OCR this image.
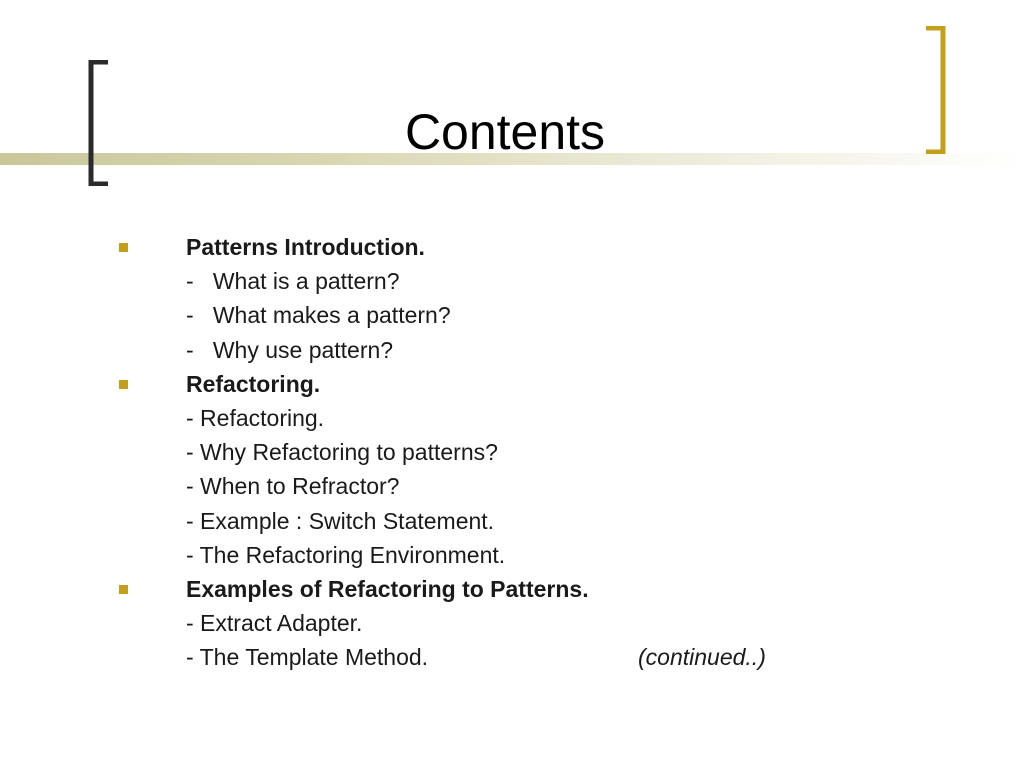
Contents

Patterns Introduction.

-   What is a pattern?

-   What makes a pattern?

-   Why use pattern?

Refactoring.

- Refactoring.

- Why Refactoring to patterns?

- When to Refractor?

- Example : Switch Statement.

- The Refactoring Environment.

Examples of Refactoring to Patterns.

- Extract Adapter.

- The Template Method.

	(continued..)
